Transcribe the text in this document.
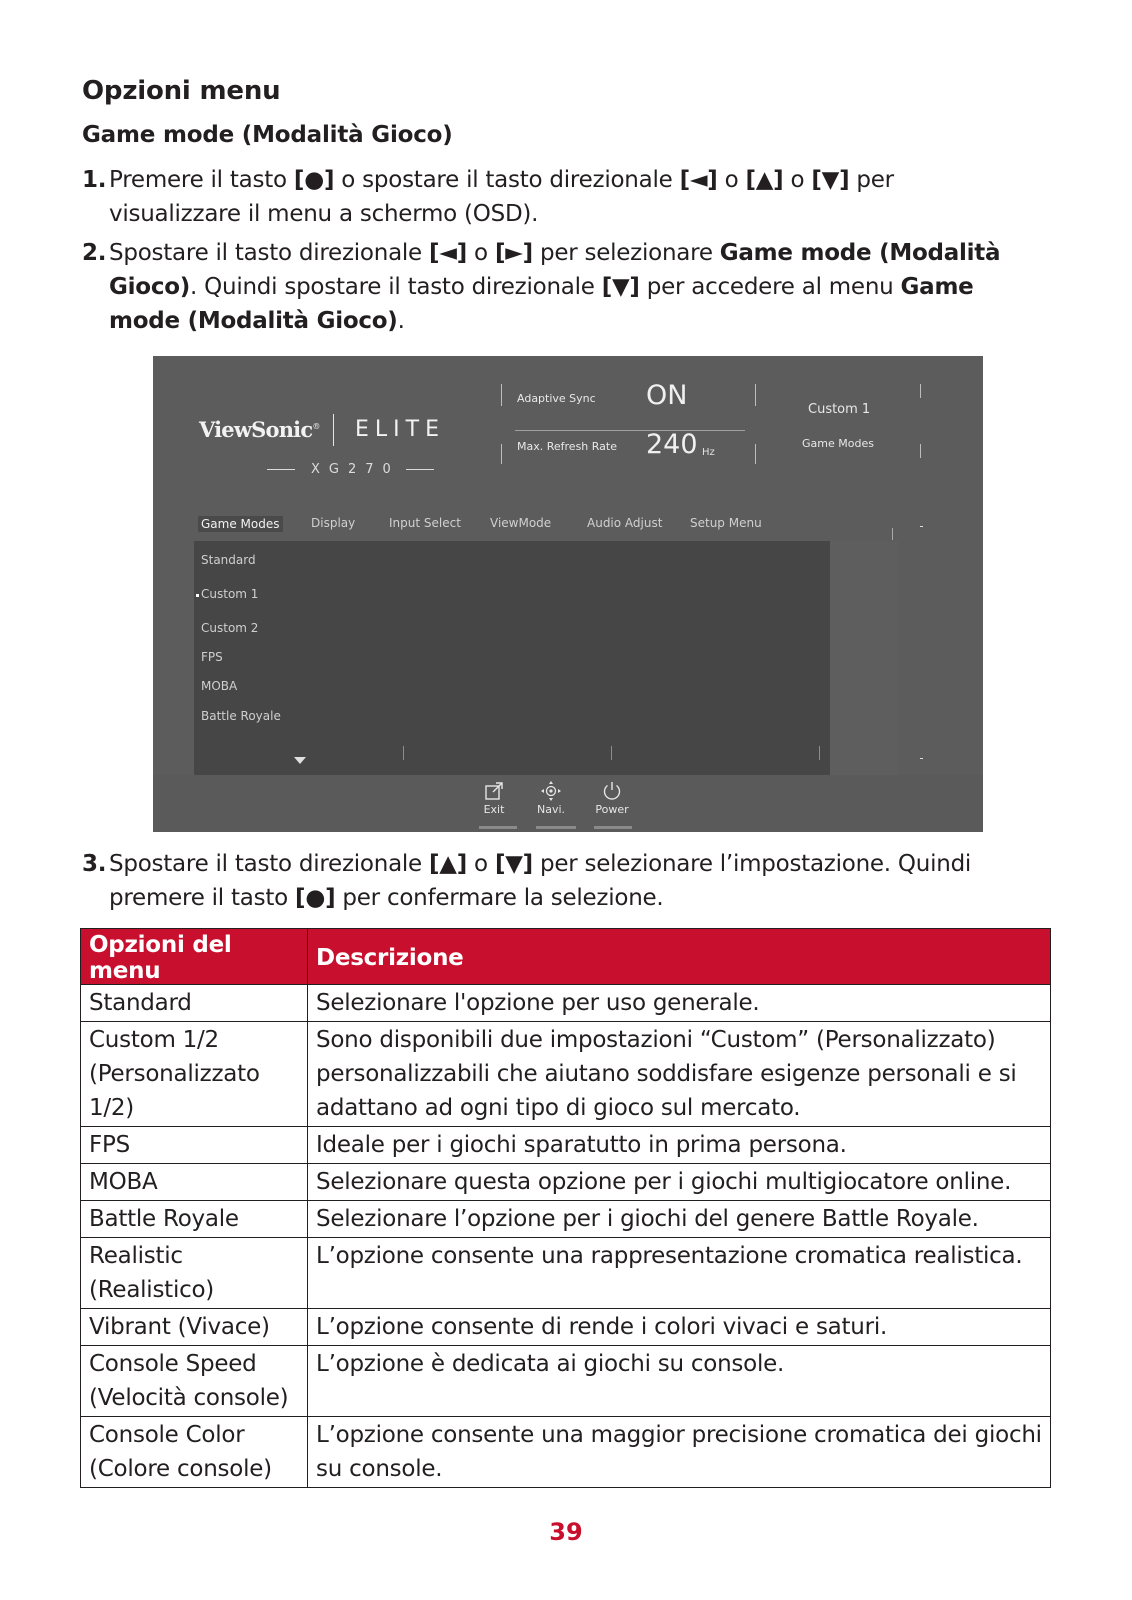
Opzioni menu
Game mode (Modalità Gioco)
1. Premere il tasto [●] o spostare il tasto direzionale [◄] o [▲] o [▼] per
visualizzare il menu a schermo (OSD).
2. Spostare il tasto direzionale [◄] o [►] per selezionare Game mode (Modalità
Gioco). Quindi spostare il tasto direzionale [▼] per accedere al menu Game
mode (Modalità Gioco).
ViewSonic® ELITE
XG270
Adaptive Sync ON
Max. Refresh Rate 240 Hz
Custom 1
Game Modes
Game Modes	Display	Input Select ViewMode	Audio Adjust Setup Menu
Standard
Custom 1
Custom 2
FPS
MOBA
Battle Royale
Exit	Navi.	Power
3. Spostare il tasto direzionale [▲] o [▼] per selezionare l’impostazione. Quindi
premere il tasto [●] per confermare la selezione.
Opzioni del menu	Descrizione
Standard	Selezionare l'opzione per uso generale.
Custom 1/2 (Personalizzato 1/2)	Sono disponibili due impostazioni “Custom” (Personalizzato) personalizzabili che aiutano soddisfare esigenze personali e si adattano ad ogni tipo di gioco sul mercato.
FPS	Ideale per i giochi sparatutto in prima persona.
MOBA	Selezionare questa opzione per i giochi multigiocatore online.
Battle Royale	Selezionare l’opzione per i giochi del genere Battle Royale.
Realistic (Realistico)	L’opzione consente una rappresentazione cromatica realistica.
Vibrant (Vivace)	L’opzione consente di rende i colori vivaci e saturi.
Console Speed (Velocità console)	L’opzione è dedicata ai giochi su console.
Console Color (Colore console)	L’opzione consente una maggior precisione cromatica dei giochi su console.
39
